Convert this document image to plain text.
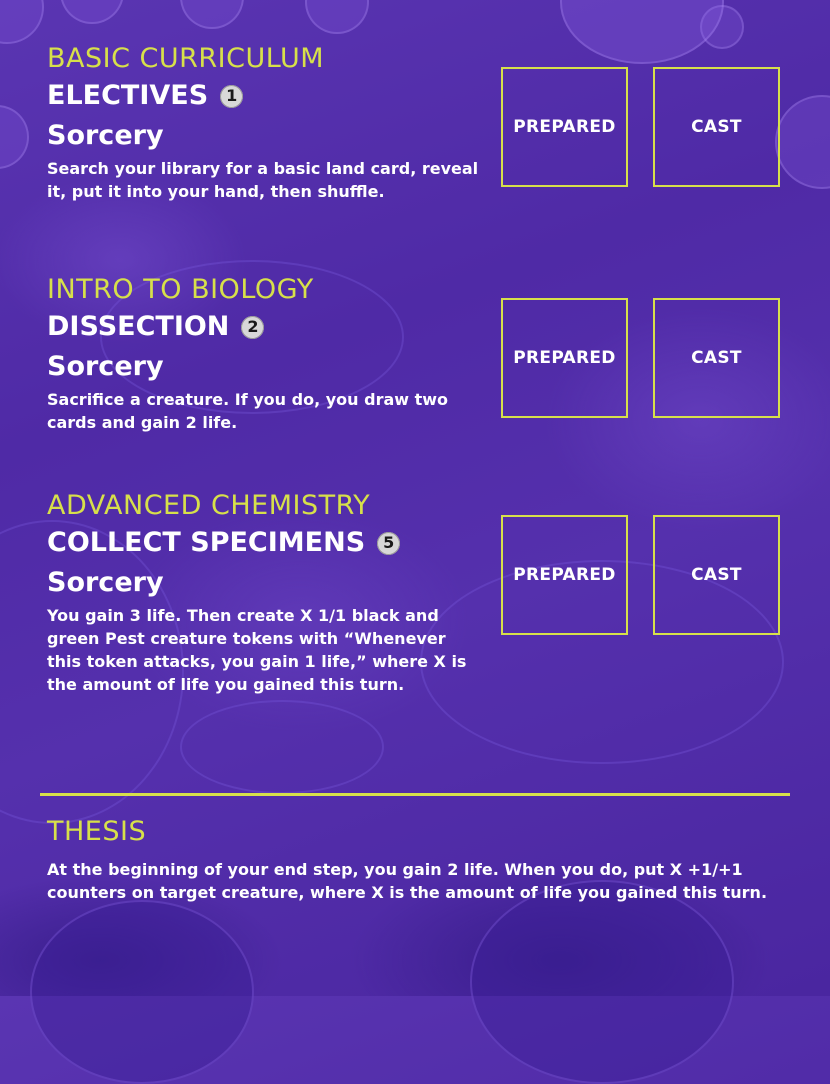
BASIC CURRICULUM
ELECTIVES	1
Sorcery
Search your library for a basic land card, reveal it, put it into your hand, then shuffle.
PREPARED	CAST
INTRO TO BIOLOGY
DISSECTION	2
Sorcery
Sacrifice a creature. If you do, you draw two cards and gain 2 life.
PREPARED	CAST
ADVANCED CHEMISTRY
COLLECT SPECIMENS	5
Sorcery
You gain 3 life. Then create X 1/1 black and green Pest creature tokens with “Whenever this token attacks, you gain 1 life,” where X is the amount of life you gained this turn.
PREPARED	CAST
THESIS
At the beginning of your end step, you gain 2 life. When you do, put X +1/+1 counters on target creature, where X is the amount of life you gained this turn.
